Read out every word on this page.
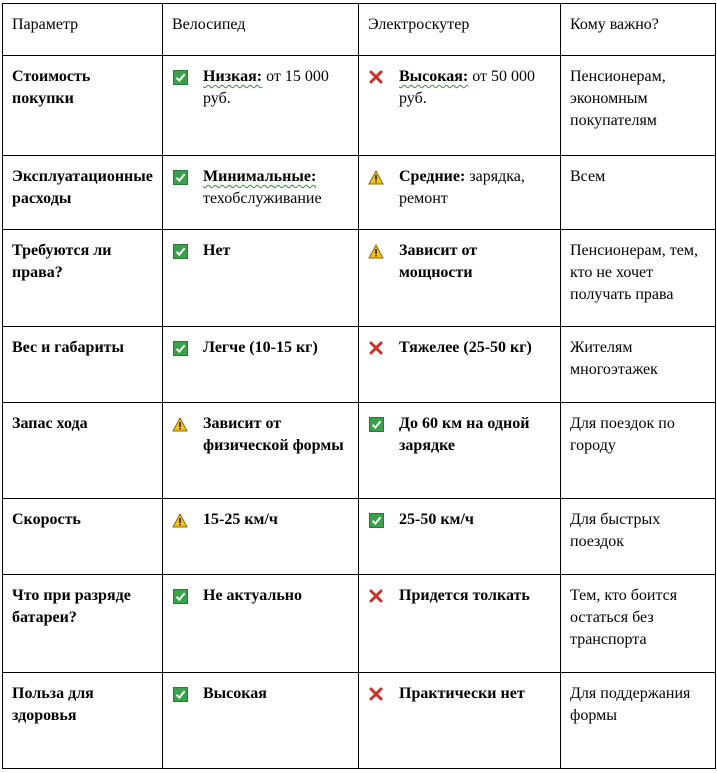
Параметр	Велосипед	Электроскутер	Кому важно?

Стоимость покупки	Низкая: от 15 000 руб.	Высокая: от 50 000 руб.	Пенсионерам, экономным покупателям

Эксплуатационные расходы	Минимальные: техобслуживание	Средние: зарядка, ремонт	Всем

Требуются ли права?	Нет	Зависит от мощности	Пенсионерам, тем, кто не хочет получать права

Вес и габариты	Легче (10-15 кг)	Тяжелее (25-50 кг)	Жителям многоэтажек

Запас хода	Зависит от физической формы	До 60 км на одной зарядке	Для поездок по городу

Скорость	15-25 км/ч	25-50 км/ч	Для быстрых поездок

Что при разряде батареи?	Не актуально	Придется толкать	Тем, кто боится остаться без транспорта

Польза для здоровья	Высокая	Практически нет	Для поддержания формы
